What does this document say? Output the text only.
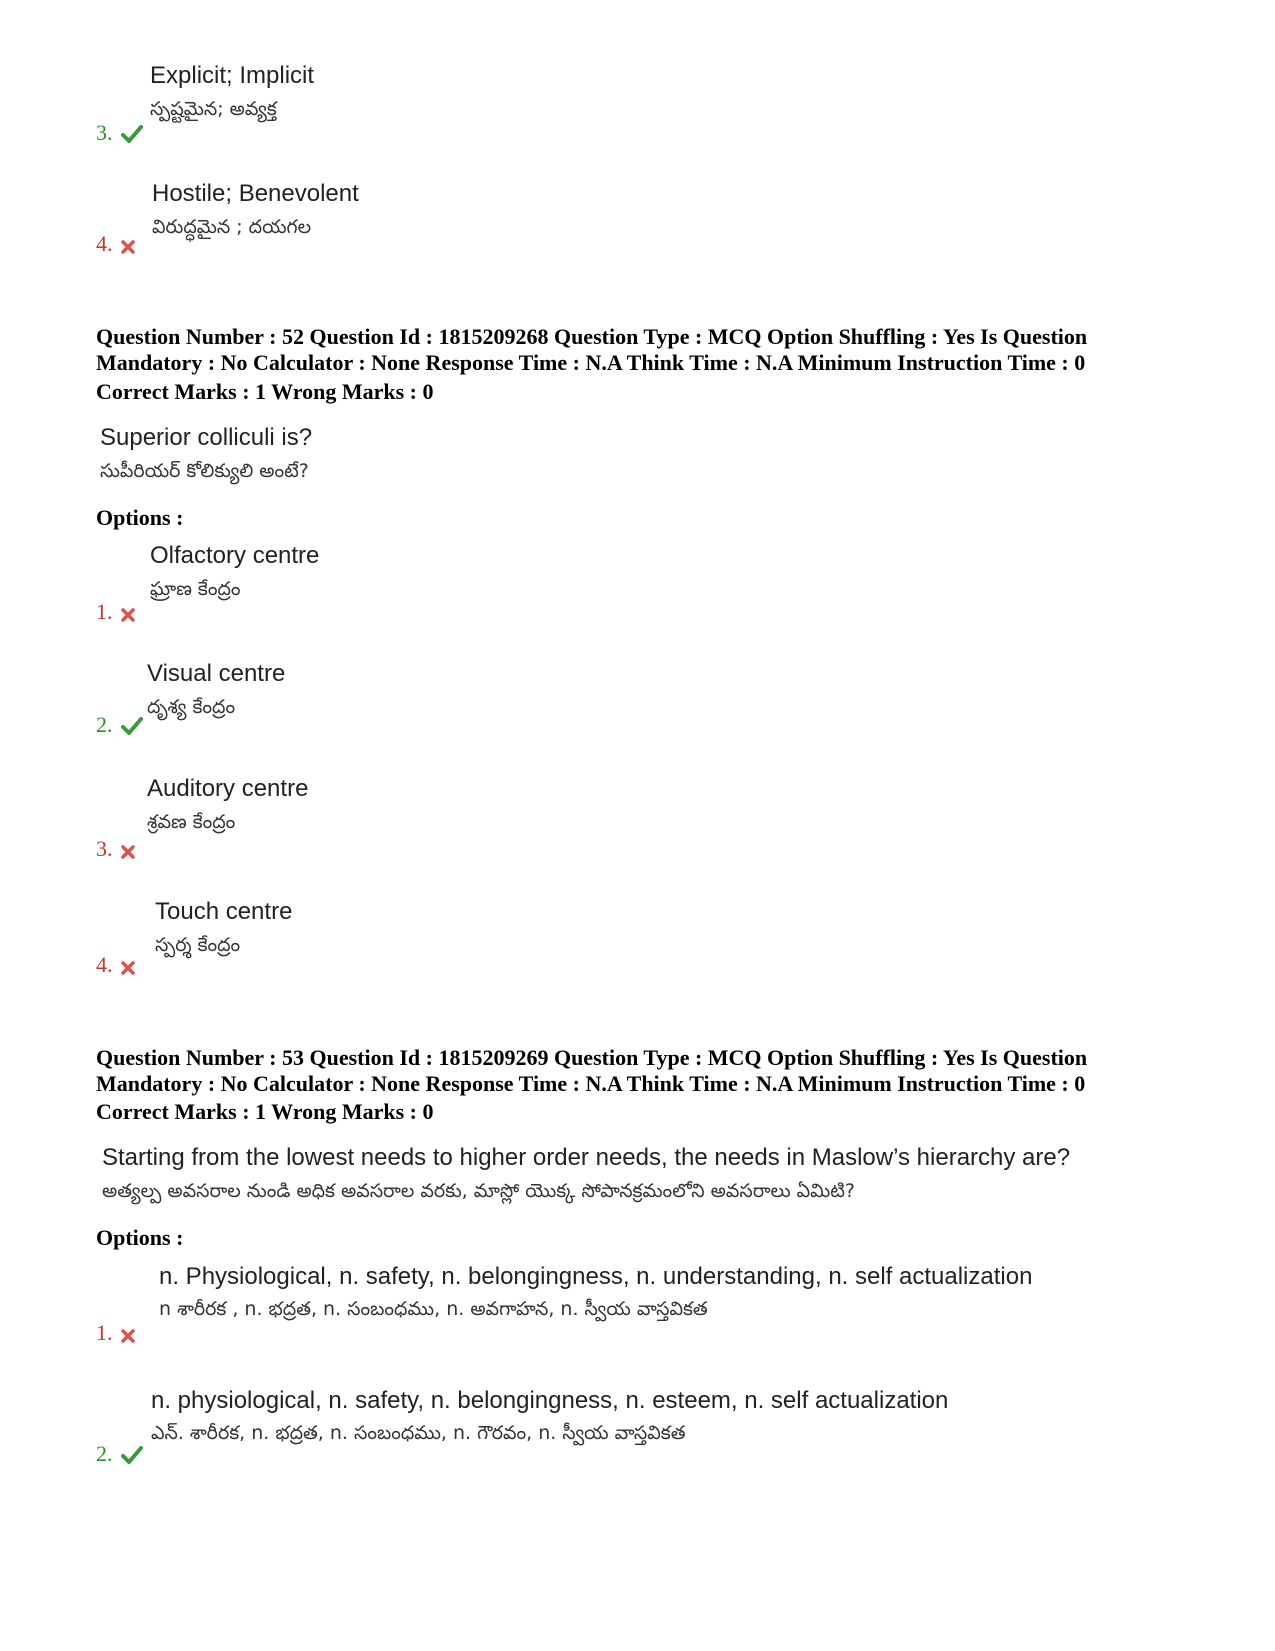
Explicit; Implicit
స్పష్టమైన; అవ్యక్త
3.
Hostile; Benevolent
విరుద్ధమైన ; దయగల
4.
Question Number : 52 Question Id : 1815209268 Question Type : MCQ Option Shuffling : Yes Is Question
Mandatory : No Calculator : None Response Time : N.A Think Time : N.A Minimum Instruction Time : 0
Correct Marks : 1 Wrong Marks : 0
Superior colliculi is?
సుపీరియర్ కోలిక్యులి అంటే?
Options :
Olfactory centre
ఘ్రాణ కేంద్రం
1.
Visual centre
దృశ్య కేంద్రం
2.
Auditory centre
శ్రవణ కేంద్రం
3.
Touch centre
స్పర్శ కేంద్రం
4.
Question Number : 53 Question Id : 1815209269 Question Type : MCQ Option Shuffling : Yes Is Question
Mandatory : No Calculator : None Response Time : N.A Think Time : N.A Minimum Instruction Time : 0
Correct Marks : 1 Wrong Marks : 0
Starting from the lowest needs to higher order needs, the needs in Maslow’s hierarchy are?
అత్యల్ప అవసరాల నుండి అధిక అవసరాల వరకు, మాస్లో యొక్క సోపానక్రమంలోని అవసరాలు ఏమిటి?
Options :
n. Physiological, n. safety, n. belongingness, n. understanding, n. self actualization
n శారీరక , n. భద్రత, n. సంబంధము, n. అవగాహన, n. స్వీయ వాస్తవికత
1.
n. physiological, n. safety, n. belongingness, n. esteem, n. self actualization
ఎన్. శారీరక, n. భద్రత, n. సంబంధము, n. గౌరవం, n. స్వీయ వాస్తవికత
2.
